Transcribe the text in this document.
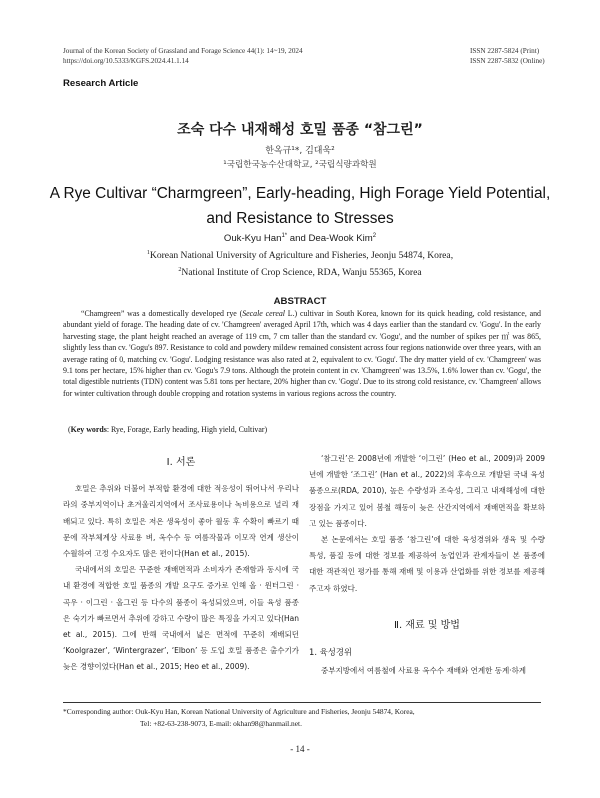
Journal of the Korean Society of Grassland and Forage Science 44(1): 14~19, 2024
https://doi.org/10.5333/KGFS.2024.41.1.14
ISSN 2287-5824 (Print)
ISSN 2287-5832 (Online)
Research Article
조숙 다수 내재해성 호밀 품종 “참그린”
한옥규¹*, 김대욱²
¹국립한국농수산대학교, ²국립식량과학원
A Rye Cultivar “Charmgreen”, Early-heading, High Forage Yield Potential,
and Resistance to Stresses
Ouk-Kyu Han$^{1*}$ and Dea-Wook Kim$^2$
$^1$Korean National University of Agriculture and Fisheries, Jeonju 54874, Korea,
$^2$National Institute of Crop Science, RDA, Wanju 55365, Korea
ABSTRACT

“Chamgreen” was a domestically developed rye (Secale cereal L.) cultivar in South Korea, known for its quick heading, cold resistance, and abundant yield of forage. The heading date of cv. 'Chamgreen' averaged April 17th, which was 4 days earlier than the standard cv. 'Gogu'. In the early harvesting stage, the plant height reached an average of 119 cm, 7 cm taller than the standard cv. 'Gogu', and the number of spikes per ㎡ was 865, slightly less than cv. 'Gogu's 897. Resistance to cold and powdery mildew remained consistent across four regions nationwide over three years, with an average rating of 0, matching cv. 'Gogu'. Lodging resistance was also rated at 2, equivalent to cv. 'Gogu'. The dry matter yield of cv. 'Chamgreen' was 9.1 tons per hectare, 15% higher than cv. 'Gogu's 7.9 tons. Although the protein content in cv. 'Chamgreen' was 13.5%, 1.6% lower than cv. 'Gogu', the total digestible nutrients (TDN) content was 5.81 tons per hectare, 20% higher than cv. 'Gogu'. Due to its strong cold resistance, cv. 'Chamgreen' allows for winter cultivation through double cropping and rotation systems in various regions across the country.

(Key words: Rye, Forage, Early heading, High yield, Cultivar)
Ⅰ. 서론

호밀은 추위와 더불어 부적합 환경에 대한 적응성이 뛰어나서 우리나라의 중부지역이나 초겨울리지역에서 조사료용이나 녹비용으로 널리 재배되고 있다. 특히 호밀은 저온 생육성이 좋아 월동 후 수확이 빠르기 때문에 작부체계상 사료용 벼, 옥수수 등 여름작물과 이모작 연계 생산이 수월하여 고정 수요자도 많은 편이다(Han et al., 2015).

국내에서의 호밀은 꾸준한 재배면적과 소비자가 존재함과 동시에 국내 환경에 적합한 호밀 품종의 개발 요구도 증가로 인해 올 · 윈터그린 · 곡우 · 이그린 · 올그린 등 다수의 품종이 육성되었으며, 이들 육성 품종은 숙기가 빠르면서 추위에 강하고 수량이 많은 특징을 가지고 있다(Han et al., 2015). 그에 반해 국내에서 넓은 면적에 꾸준히 재배되던 ‘Koolgrazer’, ‘Wintergrazer’, ‘Elbon’ 등 도입 호밀 품종은 출수기가 늦은 경향이었다(Han et al., 2015; Heo et al., 2009).

‘참그린’은 2008년에 개발한 ‘이그린’ (Heo et al., 2009)과 2009년에 개발한 ‘조그린’ (Han et al., 2022)의 후속으로 개발된 국내 육성 품종으로(RDA, 2010), 높은 수량성과 조숙성, 그리고 내재해성에 대한 장점을 가지고 있어 봄철 해동이 늦은 산간지역에서 재배면적을 확보하고 있는 품종이다.

본 논문에서는 호밀 품종 ‘참그린’에 대한 육성경위와 생육 및 수량 특성, 품질 등에 대한 정보를 제공하여 농업인과 관계자들이 본 품종에 대한 객관적인 평가를 통해 재배 및 이용과 산업화를 위한 정보를 제공해 주고자 하였다.

Ⅱ. 재료 및 방법
1. 육성경위

중부지방에서 여름철에 사료용 옥수수 재배와 연계한 동계·하계

*Corresponding author: Ouk-Kyu Han, Korean National University of Agriculture and Fisheries, Jeonju 54874, Korea,
Tel: +82-63-238-9073, E-mail: okhan98@hanmail.net.
- 14 -
